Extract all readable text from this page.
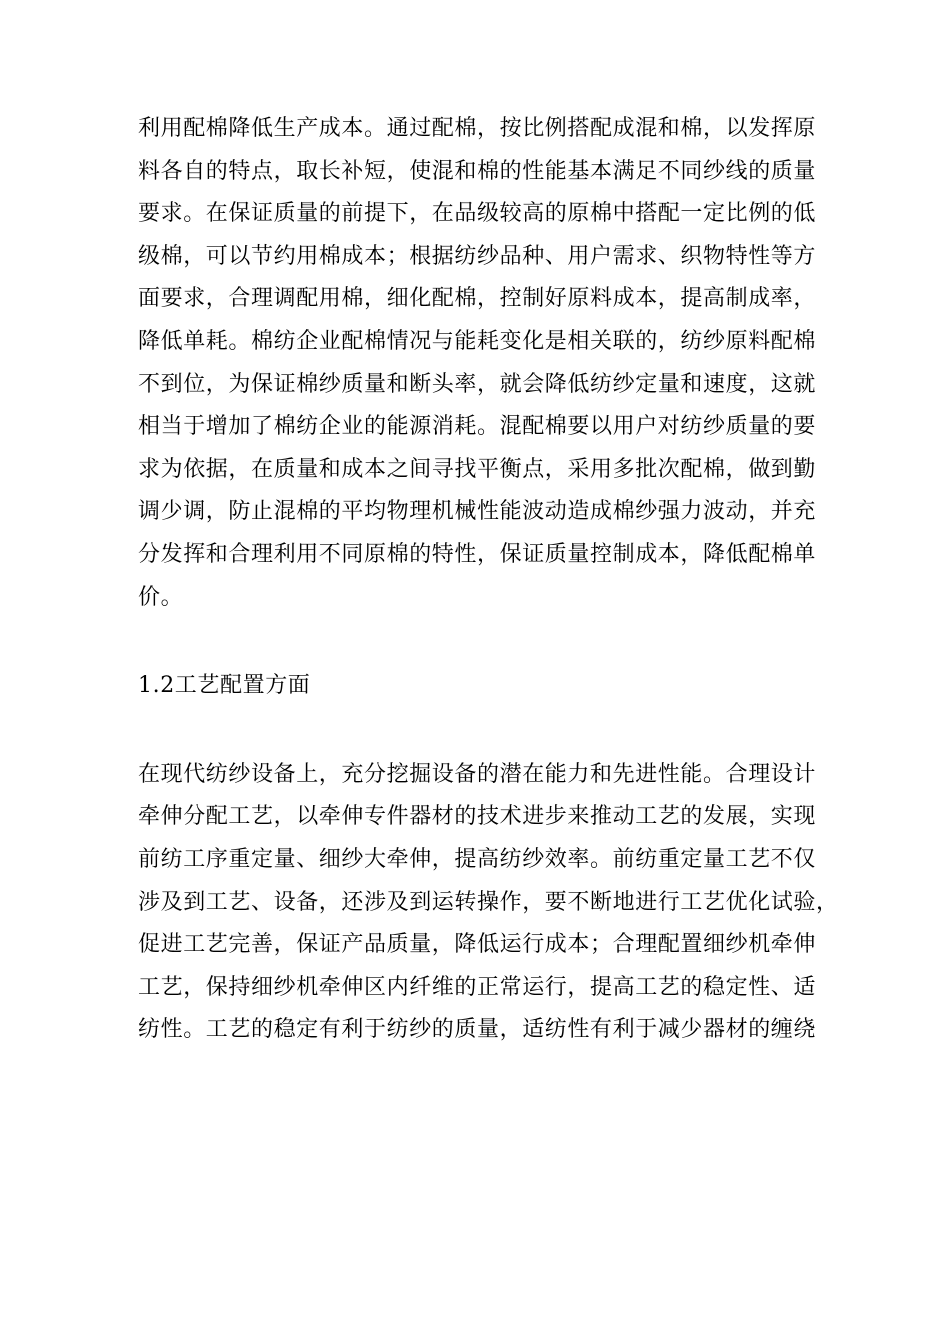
利用配棉降低生产成本。通过配棉，按比例搭配成混和棉，以发挥原
料各自的特点，取长补短，使混和棉的性能基本满足不同纱线的质量
要求。在保证质量的前提下，在品级较高的原棉中搭配一定比例的低
级棉，可以节约用棉成本；根据纺纱品种、用户需求、织物特性等方
面要求，合理调配用棉，细化配棉，控制好原料成本，提高制成率，
降低单耗。棉纺企业配棉情况与能耗变化是相关联的，纺纱原料配棉
不到位，为保证棉纱质量和断头率，就会降低纺纱定量和速度，这就
相当于增加了棉纺企业的能源消耗。混配棉要以用户对纺纱质量的要
求为依据，在质量和成本之间寻找平衡点，采用多批次配棉，做到勤
调少调，防止混棉的平均物理机械性能波动造成棉纱强力波动，并充
分发挥和合理利用不同原棉的特性，保证质量控制成本，降低配棉单
价。
1.2工艺配置方面
在现代纺纱设备上，充分挖掘设备的潜在能力和先进性能。合理设计
牵伸分配工艺，以牵伸专件器材的技术进步来推动工艺的发展，实现
前纺工序重定量、细纱大牵伸，提高纺纱效率。前纺重定量工艺不仅
涉及到工艺、设备，还涉及到运转操作，要不断地进行工艺优化试验，
促进工艺完善，保证产品质量，降低运行成本；合理配置细纱机牵伸
工艺，保持细纱机牵伸区内纤维的正常运行，提高工艺的稳定性、适
纺性。工艺的稳定有利于纺纱的质量，适纺性有利于减少器材的缠绕
